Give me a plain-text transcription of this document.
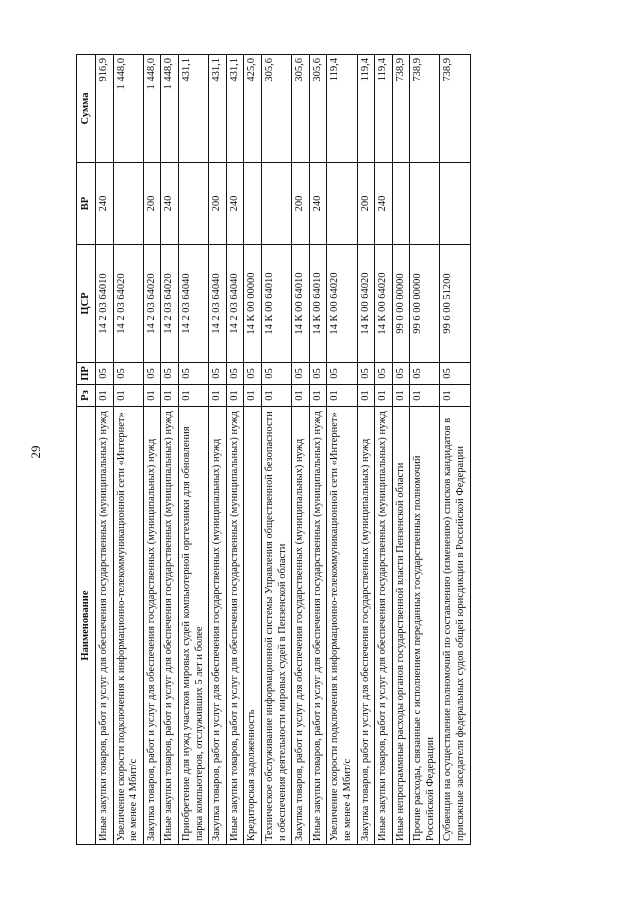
29
Наименование	Рз	ПР	ЦСР	ВР	Сумма
Иные закупки товаров, работ и услуг для обеспечения государственных (муниципальных) нужд	01	05	14 2 03 64010	240	916,9
Увеличение скорости подключения к информационно-телекоммуникационной сети «Интернет» не менее 4 Мбит/с	01	05	14 2 03 64020		1 448,0
Закупка товаров, работ и услуг для обеспечения государственных (муниципальных) нужд	01	05	14 2 03 64020	200	1 448,0
Иные закупки товаров, работ и услуг для обеспечения государственных (муниципальных) нужд	01	05	14 2 03 64020	240	1 448,0
Приобретение для нужд участков мировых судей компьютерной оргтехники для обновления парка компьютеров, отслуживших 5 лет и более	01	05	14 2 03 64040		431,1
Закупка товаров, работ и услуг для обеспечения государственных (муниципальных) нужд	01	05	14 2 03 64040	200	431,1
Иные закупки товаров, работ и услуг для обеспечения государственных (муниципальных) нужд	01	05	14 2 03 64040	240	431,1
Кредиторская задолженность	01	05	14 К 00 00000		425,0
Техническое обслуживание информационной системы Управления общественной безопасности и обеспечения деятельности мировых судей в Пензенской области	01	05	14 К 00 64010		305,6
Закупка товаров, работ и услуг для обеспечения государственных (муниципальных) нужд	01	05	14 К 00 64010	200	305,6
Иные закупки товаров, работ и услуг для обеспечения государственных (муниципальных) нужд	01	05	14 К 00 64010	240	305,6
Увеличение скорости подключения к информационно-телекоммуникационной сети «Интернет» не менее 4 Мбит/с	01	05	14 К 00 64020		119,4
Закупка товаров, работ и услуг для обеспечения государственных (муниципальных) нужд	01	05	14 К 00 64020	200	119,4
Иные закупки товаров, работ и услуг для обеспечения государственных (муниципальных) нужд	01	05	14 К 00 64020	240	119,4
Иные непрограммные расходы органов государственной власти Пензенской области	01	05	99 0 00 00000		738,9
Прочие расходы, связанные с исполнением переданных государственных полномочий Российской Федерации	01	05	99 6 00 00000		738,9
Субвенции на осуществление полномочий по составлению (изменению) списков кандидатов в присяжные заседатели федеральных судов общей юрисдикции в Российской Федерации	01	05	99 6 00 51200		738,9
